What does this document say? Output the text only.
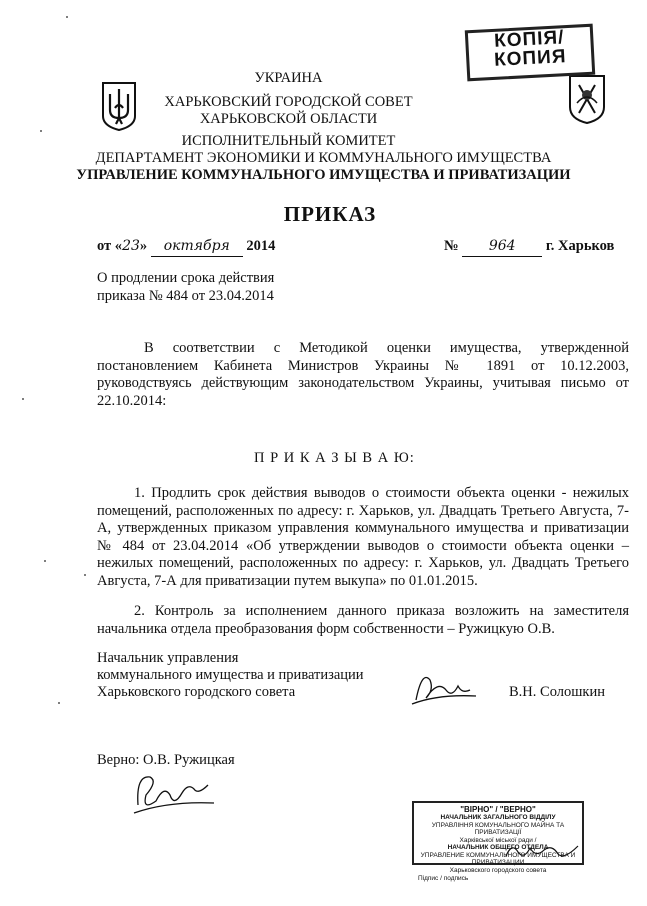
КОПІЯ/
КОПИЯ
УКРАИНА
ХАРЬКОВСКИЙ ГОРОДСКОЙ СОВЕТ
ХАРЬКОВСКОЙ ОБЛАСТИ
ИСПОЛНИТЕЛЬНЫЙ КОМИТЕТ
ДЕПАРТАМЕНТ ЭКОНОМИКИ И КОММУНАЛЬНОГО ИМУЩЕСТВА
УПРАВЛЕНИЕ КОММУНАЛЬНОГО ИМУЩЕСТВА И ПРИВАТИЗАЦИИ
ПРИКАЗ
от «23» октября 2014	№ 964 г. Харьков
О продлении срока действия
приказа № 484 от 23.04.2014
В соответствии с Методикой оценки имущества, утвержденной постановлением Кабинета Министров Украины № 1891 от 10.12.2003, руководствуясь действующим законодательством Украины, учитывая письмо от 22.10.2014:
П Р И К А З Ы В А Ю:
1. Продлить срок действия выводов о стоимости объекта оценки - нежилых помещений, расположенных по адресу: г. Харьков, ул. Двадцать Третьего Августа, 7-А, утвержденных приказом управления коммунального имущества и приватизации № 484 от 23.04.2014 «Об утверждении выводов о стоимости объекта оценки – нежилых помещений, расположенных по адресу: г. Харьков, ул. Двадцать Третьего Августа, 7-А для приватизации путем выкупа» по 01.01.2015.
2. Контроль за исполнением данного приказа возложить на заместителя начальника отдела преобразования форм собственности – Ружицкую О.В.
Начальник управления
коммунального имущества и приватизации
Харьковского городского совета	В.Н. Солошкин
Верно: О.В. Ружицкая
"ВІРНО" / "ВЕРНО"
НАЧАЛЬНИК ЗАГАЛЬНОГО ВІДДІЛУ
УПРАВЛІННЯ КОМУНАЛЬНОГО МАЙНА ТА ПРИВАТИЗАЦІЇ
Харківської міської ради /
НАЧАЛЬНИК ОБЩЕГО ОТДЕЛА
УПРАВЛЕНИЕ КОММУНАЛЬНОГО ИМУЩЕСТВА И ПРИВАТИЗАЦИИ
Харьковского городского совета
Підпис / подпись
